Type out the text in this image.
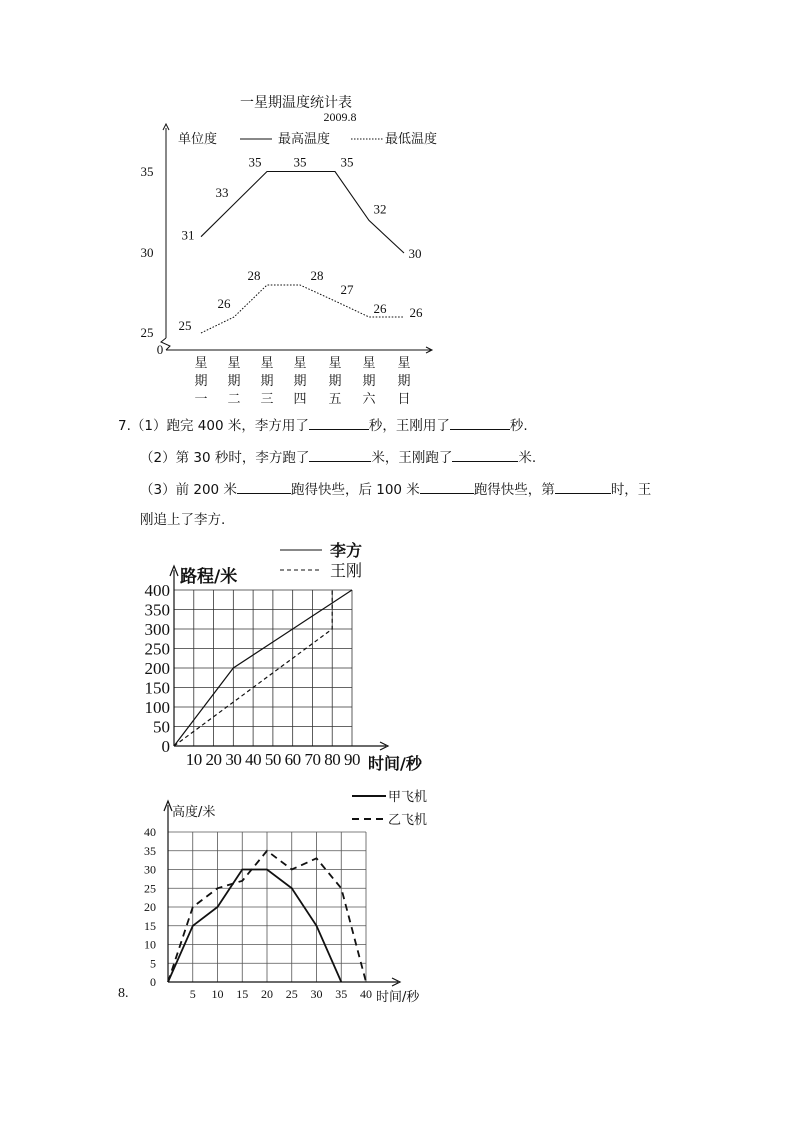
一星期温度统计表
2009.8
单位度	最高温度	最低温度
0
25
30
35
星
期
一
星
期
二
星
期
三
星
期
四
星
期
五
星
期
六
星
期
日
31
33
35 35	35
32
30
25
26
28	28
27
26 26
7.（1）跑完 400 米，李方用了	秒，王刚用了	秒.
（2）第 30 秒时，李方跑了	米，王刚跑了	米.
（3）前 200 米	跑得快些，后 100 米	跑得快些，第	时，王
刚追上了李方.
路程/米
时间/秒
0
50
100
150
200
250
300
350
400
10 20 30 40 50 60 70 80 90
李方
王刚
高度/米
时间/秒
0
5
10
15
20
25
30
35
40
5 10 15 20 25 30 35 40
甲飞机
乙飞机
8.
